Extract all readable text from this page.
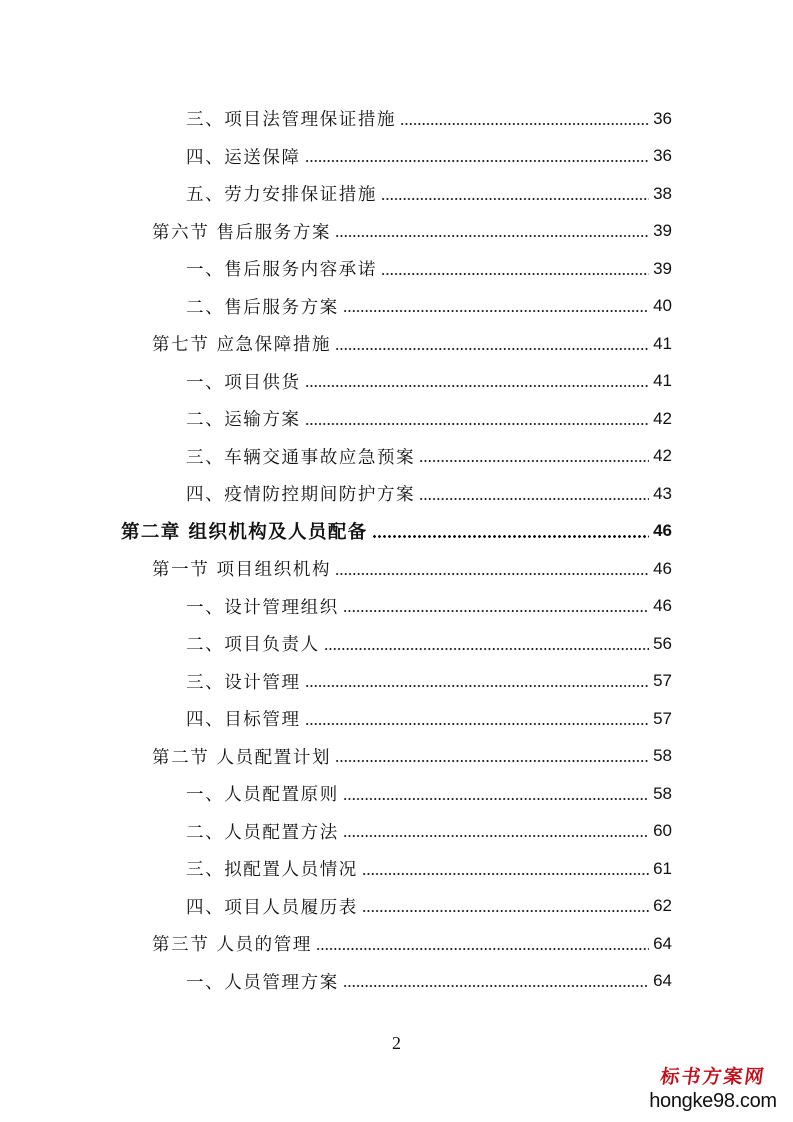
三、项目法管理保证措施	36
四、运送保障	36
五、劳力安排保证措施	38
第六节 售后服务方案	39
一、售后服务内容承诺	39
二、售后服务方案	40
第七节 应急保障措施	41
一、项目供货	41
二、运输方案	42
三、车辆交通事故应急预案	42
四、疫情防控期间防护方案	43
第二章 组织机构及人员配备	46
第一节 项目组织机构	46
一、设计管理组织	46
二、项目负责人	56
三、设计管理	57
四、目标管理	57
第二节 人员配置计划	58
一、人员配置原则	58
二、人员配置方法	60
三、拟配置人员情况	61
四、项目人员履历表	62
第三节 人员的管理	64
一、人员管理方案	64
2
标书方案网
hongke98.com
